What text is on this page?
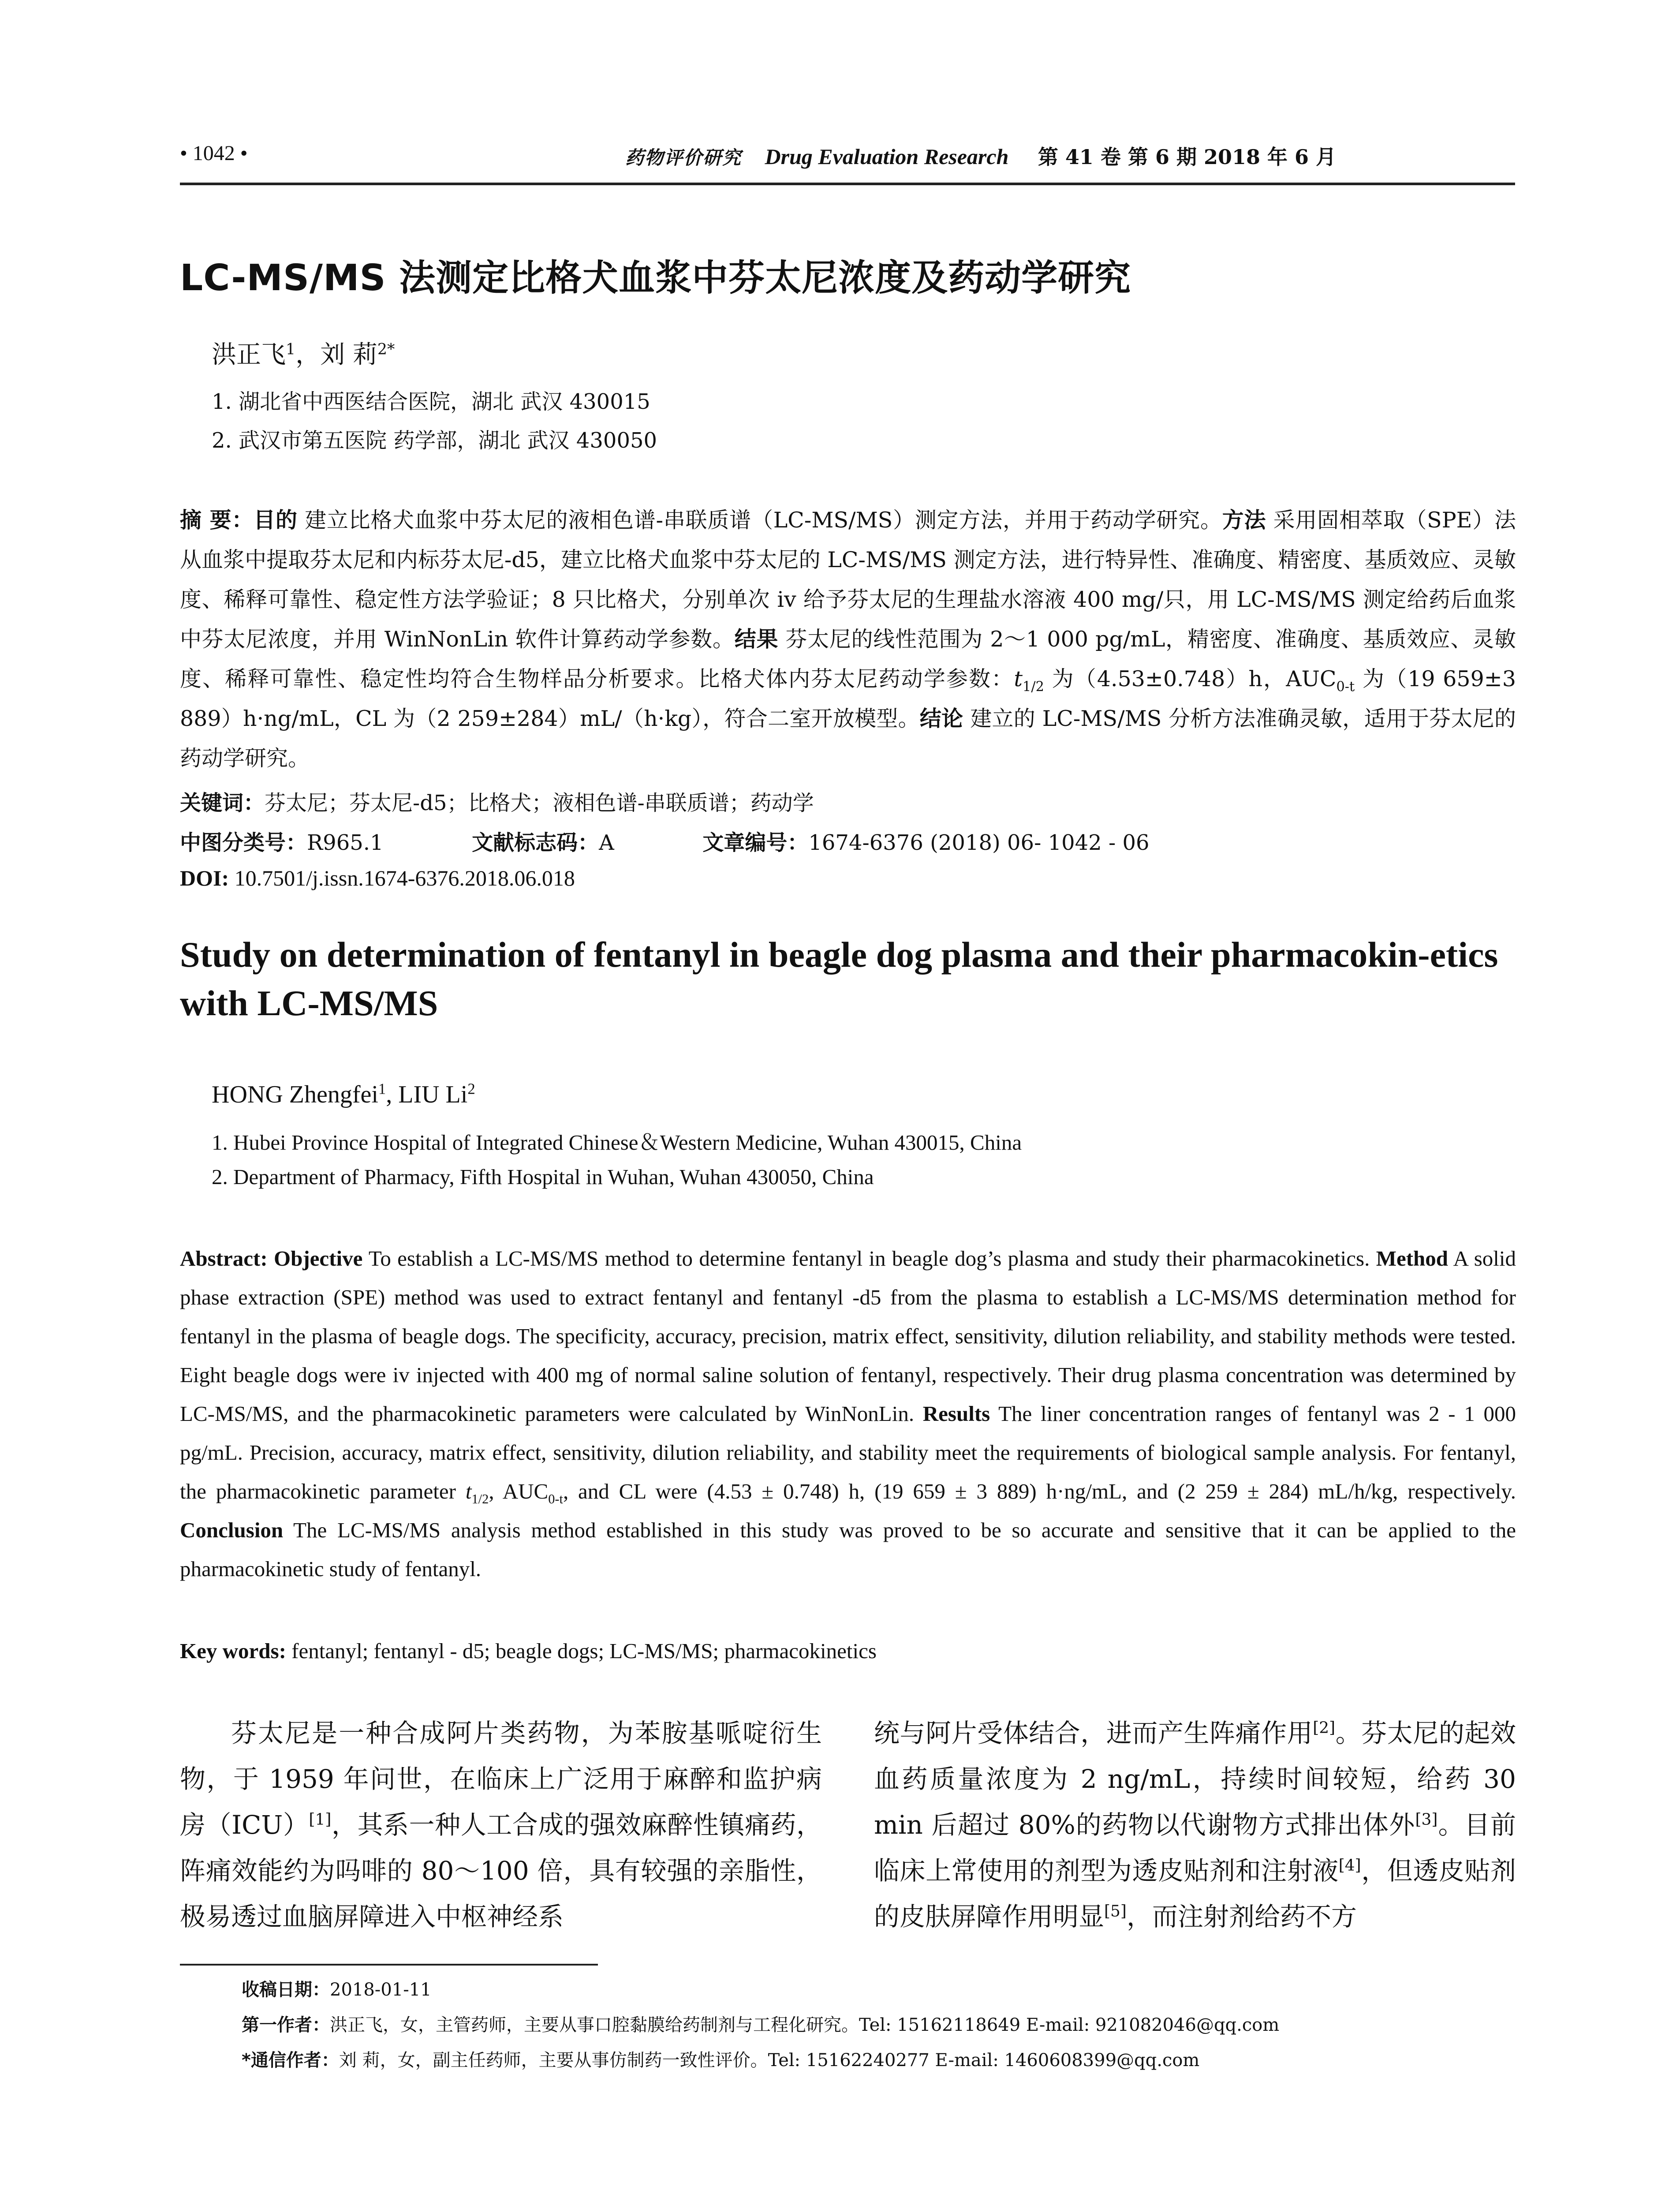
• 1042 •	药物评价研究 Drug Evaluation Research 第 41 卷 第 6 期 2018 年 6 月
LC-MS/MS 法测定比格犬血浆中芬太尼浓度及药动学研究
洪正飞$^1$，刘 莉$^{2*}$
1. 湖北省中西医结合医院，湖北 武汉 430015
2. 武汉市第五医院 药学部，湖北 武汉 430050
摘 要：目的 建立比格犬血浆中芬太尼的液相色谱-串联质谱（LC-MS/MS）测定方法，并用于药动学研究。方法 采用固相萃取（SPE）法从血浆中提取芬太尼和内标芬太尼-d5，建立比格犬血浆中芬太尼的 LC-MS/MS 测定方法，进行特异性、准确度、精密度、基质效应、灵敏度、稀释可靠性、稳定性方法学验证；8 只比格犬，分别单次 iv 给予芬太尼的生理盐水溶液 400 mg/只，用 LC-MS/MS 测定给药后血浆中芬太尼浓度，并用 WinNonLin 软件计算药动学参数。结果 芬太尼的线性范围为 2～1 000 pg/mL，精密度、准确度、基质效应、灵敏度、稀释可靠性、稳定性均符合生物样品分析要求。比格犬体内芬太尼药动学参数：$t_{1/2}$ 为（4.53±0.748）h，$AUC_{0-t}$ 为（19 659±3 889）h·ng/mL，CL 为（2 259±284）mL/（h·kg），符合二室开放模型。结论 建立的 LC-MS/MS 分析方法准确灵敏，适用于芬太尼的药动学研究。
关键词：芬太尼；芬太尼-d5；比格犬；液相色谱-串联质谱；药动学
中图分类号：R965.1	文献标志码：A	文章编号：1674-6376 (2018) 06- 1042 - 06
DOI: 10.7501/j.issn.1674-6376.2018.06.018
Study on determination of fentanyl in beagle dog plasma and their pharmacokin-etics with LC-MS/MS
HONG Zhengfei$^1$, LIU Li$^2$
1. Hubei Province Hospital of Integrated Chinese＆Western Medicine, Wuhan 430015, China
2. Department of Pharmacy, Fifth Hospital in Wuhan, Wuhan 430050, China
Abstract: Objective To establish a LC-MS/MS method to determine fentanyl in beagle dog’s plasma and study their pharmacokinetics. Method A solid phase extraction (SPE) method was used to extract fentanyl and fentanyl -d5 from the plasma to establish a LC-MS/MS determination method for fentanyl in the plasma of beagle dogs. The specificity, accuracy, precision, matrix effect, sensitivity, dilution reliability, and stability methods were tested. Eight beagle dogs were iv injected with 400 mg of normal saline solution of fentanyl, respectively. Their drug plasma concentration was determined by LC-MS/MS, and the pharmacokinetic parameters were calculated by WinNonLin. Results The liner concentration ranges of fentanyl was 2 - 1 000 pg/mL. Precision, accuracy, matrix effect, sensitivity, dilution reliability, and stability meet the requirements of biological sample analysis. For fentanyl, the pharmacokinetic parameter $t_{1/2}$, $AUC_{0-t}$, and CL were (4.53 ± 0.748) h, (19 659 ± 3 889) h·ng/mL, and (2 259 ± 284) mL/h/kg, respectively. Conclusion The LC-MS/MS analysis method established in this study was proved to be so accurate and sensitive that it can be applied to the pharmacokinetic study of fentanyl.
Key words: fentanyl; fentanyl - d5; beagle dogs; LC-MS/MS; pharmacokinetics
芬太尼是一种合成阿片类药物，为苯胺基哌啶衍生物，于 1959 年问世，在临床上广泛用于麻醉和监护病房（ICU）[1]，其系一种人工合成的强效麻醉性镇痛药，阵痛效能约为吗啡的 80～100 倍，具有较强的亲脂性，极易透过血脑屏障进入中枢神经系
统与阿片受体结合，进而产生阵痛作用[2]。芬太尼的起效血药质量浓度为 2 ng/mL，持续时间较短，给药 30 min 后超过 80%的药物以代谢物方式排出体外[3]。目前临床上常使用的剂型为透皮贴剂和注射液[4]，但透皮贴剂的皮肤屏障作用明显[5]，而注射剂给药不方
收稿日期：2018-01-11
第一作者：洪正飞，女，主管药师，主要从事口腔黏膜给药制剂与工程化研究。Tel: 15162118649 E-mail: 921082046@qq.com
*通信作者：刘 莉，女，副主任药师，主要从事仿制药一致性评价。Tel: 15162240277 E-mail: 1460608399@qq.com
